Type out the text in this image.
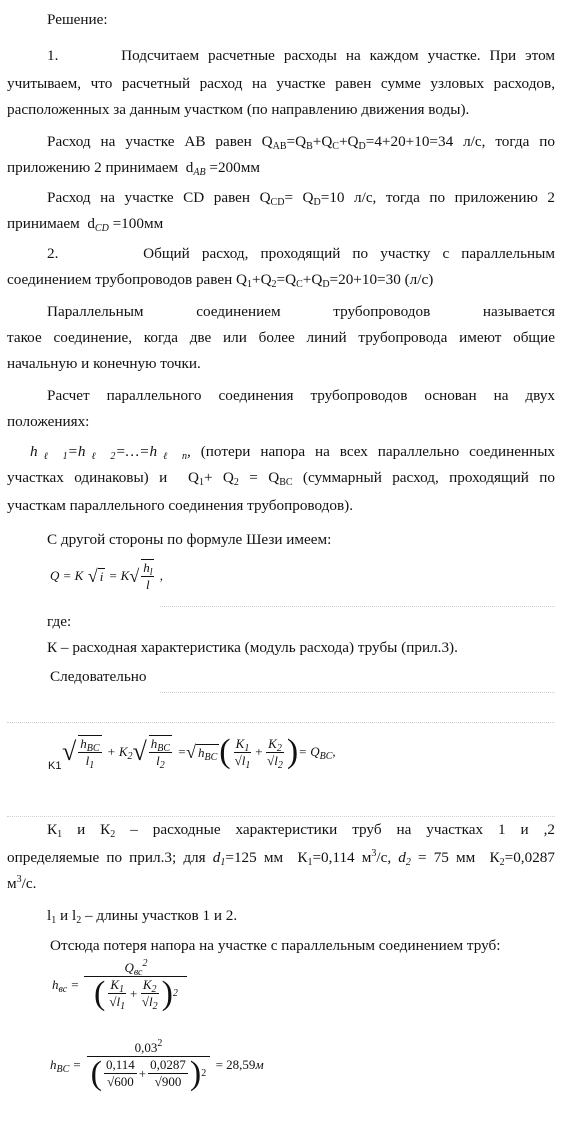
Решение:

1.	Подсчитаем расчетные расходы на каждом участке. При этом

учитываем, что расчетный расход на участке равен сумме узловых расходов,

расположенных за данным участком (по направлению движения воды).

Расход на участке АВ равен $Q_{AB}=Q_B+Q_C+Q_D=4+20+10=34$ л/с, тогда по

приложению 2 принимаем  $d_{AB} =200мм$

Расход на участке CD равен $Q_{CD}= Q_D=10$ л/с, тогда по приложению 2

принимаем  $d_{CD} =100мм$

2.	Общий расход, проходящий по участку с параллельным

соединением трубопроводов равен $Q_1+Q_2=Q_C+Q_D=20+10=30$ (л/с)

Параллельным соединением трубопроводов называется

такое соединение, когда две или более линий трубопровода имеют общие

начальную и конечную точки.

Расчет параллельного соединения трубопроводов основан на двух

положениях:

$h_{\ell 1}=h_{\ell 2}=\dots=h_{\ell n}$, (потери напора на всех параллельно соединенных

участках одинаковы) и  $Q_1+ Q_2 = Q_{BC}$ (суммарный расход, проходящий по

участкам параллельного соединения трубопроводов).

С другой стороны по формуле Шези имеем:

Q = K √ i = K √ $\frac{h_l}{l}$ ,

где:

К – расходная характеристика (модуль расхода) трубы (прил.3).

Следовательно

K1 √ $\frac{h_{BC}}{l_1} + K_2$ √ $\frac{h_{BC}}{l_2}$ = √ $h_{BC}$ ( $\frac{K_1}{√l_1} + \frac{K_2}{√l_2}$ ) = $Q_{BC}$,

$К_1$ и $К_2$ – расходные характеристики труб на участках 1 и ,2

определяемые по прил.3; для $d_1=125$ мм  $К_1=0,114$ $м^3/с$, $d_2 = 75$ мм  $К_2=0,0287$

$м^3/с$.

$l_1$ и $l_2$ – длины участков 1 и 2.

Отсюда потеря напора на участке с параллельным соединением труб:

$h_{вс} = \frac{Q_{вс}^2}{( \frac{K_1}{√l_1} + \frac{K_2}{√l_2} ) 2}$
$h_{BC} = \frac{0,03^2}{( \frac{0,114}{√600} + \frac{0,0287}{√900} ) 2} = 28,59$ м
